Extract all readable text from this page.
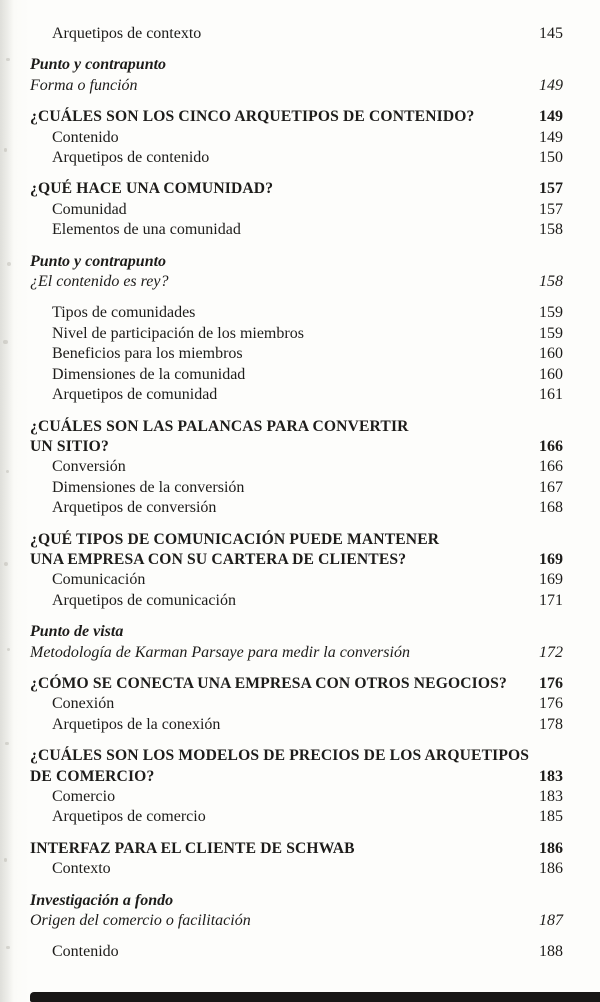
Arquetipos de contexto	145
Punto y contrapunto
Forma o función	149
¿CUÁLES SON LOS CINCO ARQUETIPOS DE CONTENIDO?	149
Contenido	149
Arquetipos de contenido	150
¿QUÉ HACE UNA COMUNIDAD?	157
Comunidad	157
Elementos de una comunidad	158
Punto y contrapunto
¿El contenido es rey?	158
Tipos de comunidades	159
Nivel de participación de los miembros	159
Beneficios para los miembros	160
Dimensiones de la comunidad	160
Arquetipos de comunidad	161
¿CUÁLES SON LAS PALANCAS PARA CONVERTIR
UN SITIO?	166
Conversión	166
Dimensiones de la conversión	167
Arquetipos de conversión	168
¿QUÉ TIPOS DE COMUNICACIÓN PUEDE MANTENER
UNA EMPRESA CON SU CARTERA DE CLIENTES?	169
Comunicación	169
Arquetipos de comunicación	171
Punto de vista
Metodología de Karman Parsaye para medir la conversión	172
¿CÓMO SE CONECTA UNA EMPRESA CON OTROS NEGOCIOS?	176
Conexión	176
Arquetipos de la conexión	178
¿CUÁLES SON LOS MODELOS DE PRECIOS DE LOS ARQUETIPOS
DE COMERCIO?	183
Comercio	183
Arquetipos de comercio	185
INTERFAZ PARA EL CLIENTE DE SCHWAB	186
Contexto	186
Investigación a fondo
Origen del comercio o facilitación	187
Contenido	188
